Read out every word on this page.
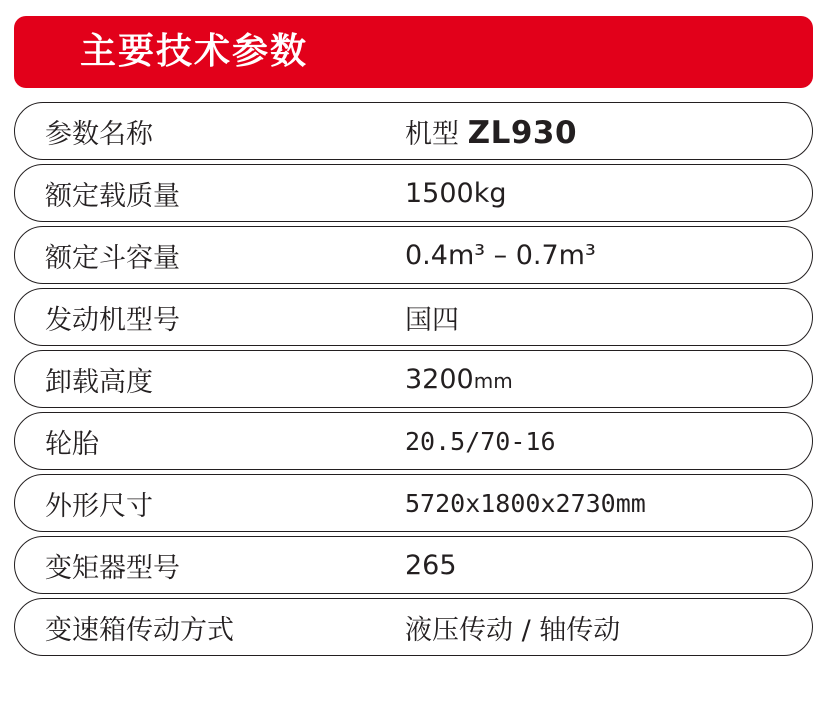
主要技术参数
参数名称	机型 ZL930
额定载质量	1500kg
额定斗容量	0.4m³ – 0.7m³
发动机型号	国四
卸载高度	3200mm
轮胎	20.5/70-16
外形尺寸	5720x1800x2730mm
变矩器型号	265
变速箱传动方式	液压传动 / 轴传动
